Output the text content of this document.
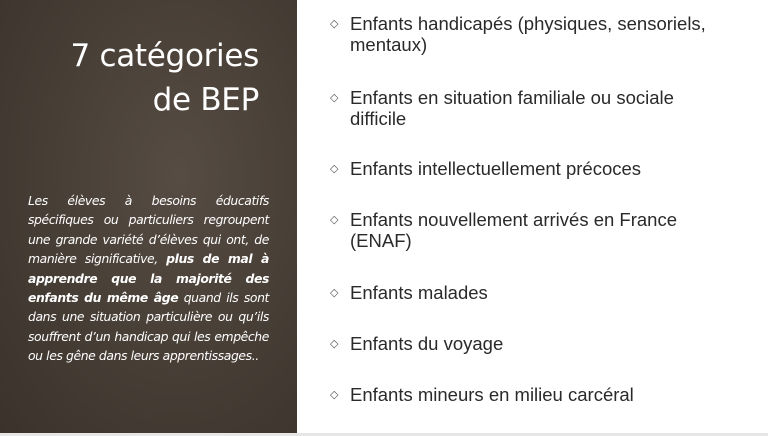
7 catégories
de BEP
Les élèves à besoins éducatifs spécifiques ou particuliers regroupent une grande variété d’élèves qui ont, de manière significative, plus de mal à apprendre que la majorité des enfants du même âge quand ils sont dans une situation particulière ou qu’ils souffrent d’un handicap qui les empêche ou les gêne dans leurs apprentissages..
◇ Enfants handicapés (physiques, sensoriels, mentaux)
◇ Enfants en situation familiale ou sociale difficile
◇ Enfants intellectuellement précoces
◇ Enfants nouvellement arrivés en France (ENAF)
◇ Enfants malades
◇ Enfants du voyage
◇ Enfants mineurs en milieu carcéral
